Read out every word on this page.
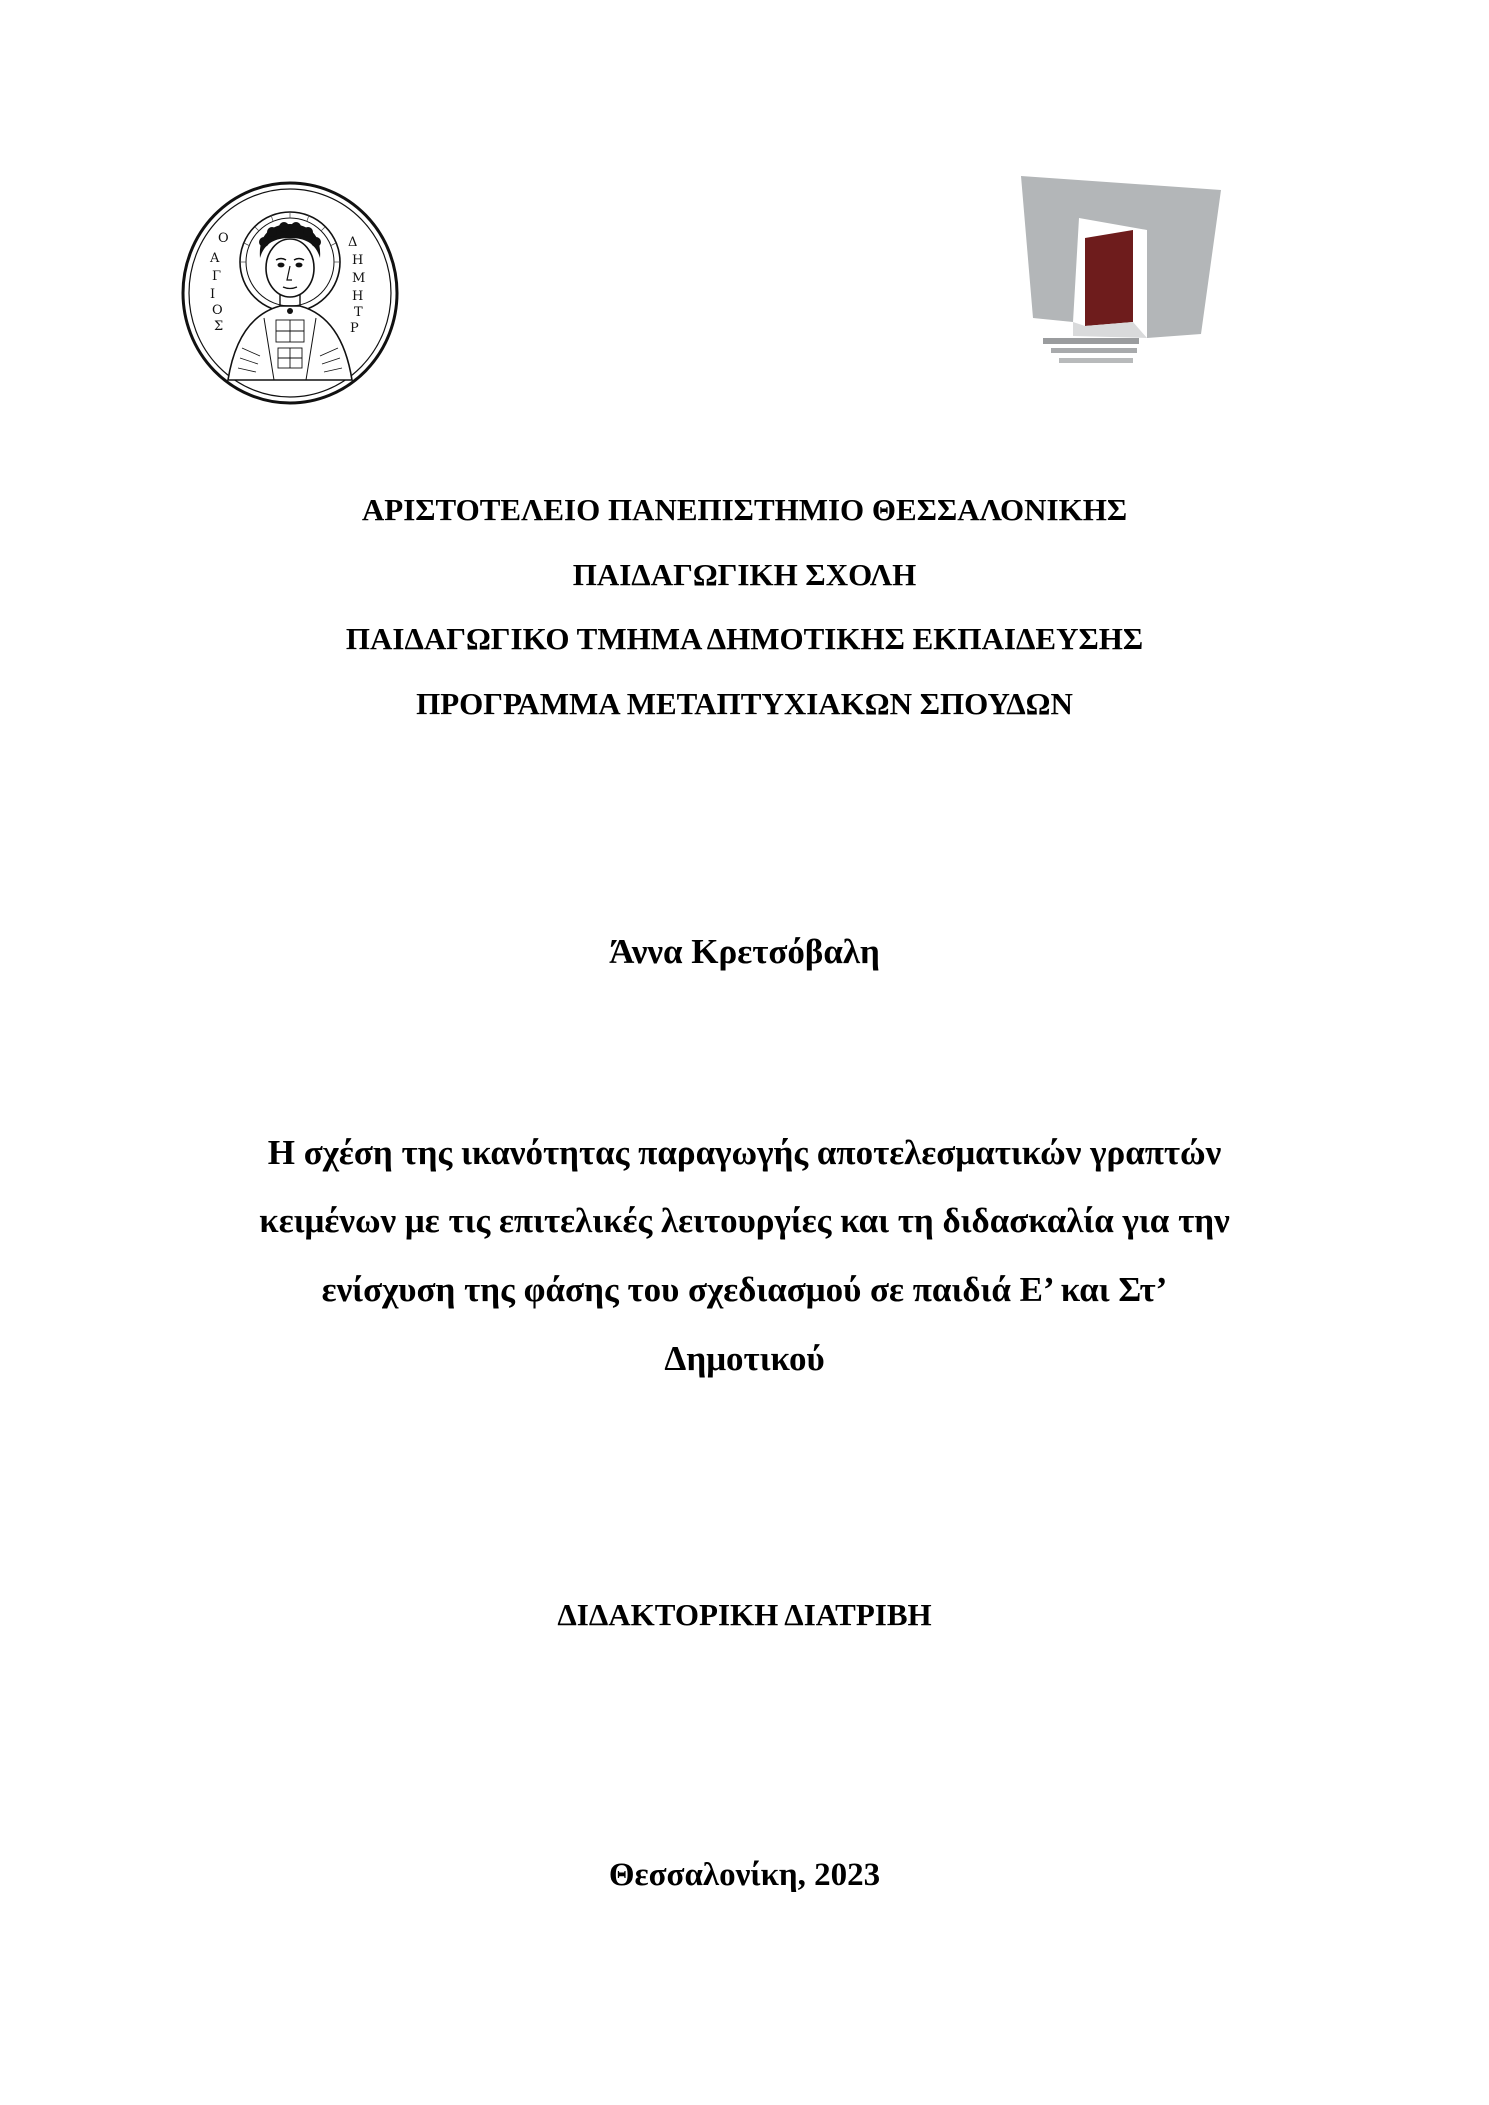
Ο
Α
Γ
Ι
Ο
Σ
Δ
Η
Μ
Η
Τ
Ρ
ΑΡΙΣΤΟΤΕΛΕΙΟ ΠΑΝΕΠΙΣΤΗΜΙΟ ΘΕΣΣΑΛΟΝΙΚΗΣ
ΠΑΙΔΑΓΩΓΙΚΗ ΣΧΟΛΗ
ΠΑΙΔΑΓΩΓΙΚΟ ΤΜΗΜΑ ΔΗΜΟΤΙΚΗΣ ΕΚΠΑΙΔΕΥΣΗΣ
ΠΡΟΓΡΑΜΜΑ ΜΕΤΑΠΤΥΧΙΑΚΩΝ ΣΠΟΥΔΩΝ
Άννα Κρετσόβαλη
Η σχέση της ικανότητας παραγωγής αποτελεσματικών γραπτών
κειμένων με τις επιτελικές λειτουργίες και τη διδασκαλία για την
ενίσχυση της φάσης του σχεδιασμού σε παιδιά Ε’ και Στ’
Δημοτικού
ΔΙΔΑΚΤΟΡΙΚΗ ΔΙΑΤΡΙΒΗ
Θεσσαλονίκη, 2023
